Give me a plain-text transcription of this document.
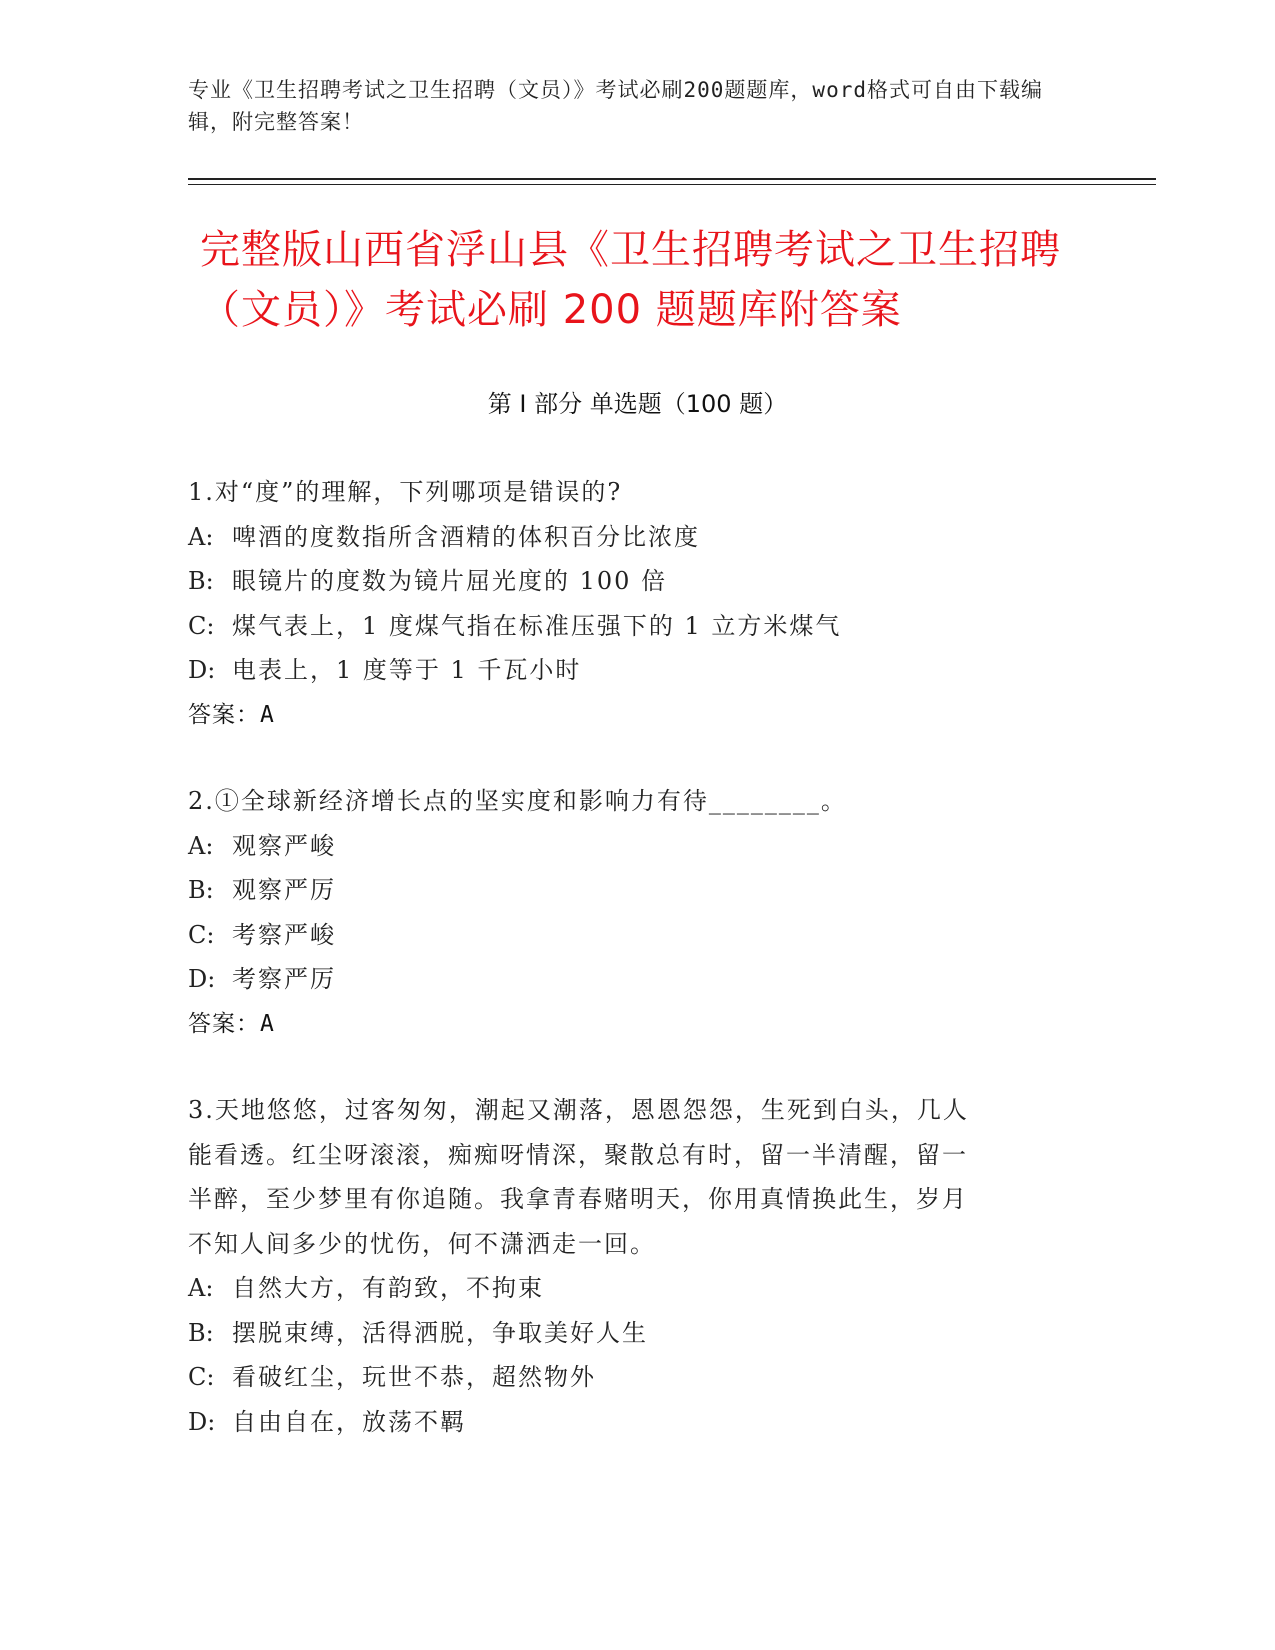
专业《卫生招聘考试之卫生招聘（文员）》考试必刷200题题库，word格式可自由下载编辑，附完整答案！
完整版山西省浮山县《卫生招聘考试之卫生招聘（文员）》考试必刷 200 题题库附答案
第 I 部分 单选题（100 题）
1.对“度”的理解，下列哪项是错误的?
A: 啤酒的度数指所含酒精的体积百分比浓度
B: 眼镜片的度数为镜片屈光度的 100 倍
C: 煤气表上，1 度煤气指在标准压强下的 1 立方米煤气
D: 电表上，1 度等于 1 千瓦小时
答案：A
2.①全球新经济增长点的坚实度和影响力有待________。
A: 观察严峻
B: 观察严厉
C: 考察严峻
D: 考察严厉
答案：A
3.天地悠悠，过客匆匆，潮起又潮落，恩恩怨怨，生死到白头，几人
能看透。红尘呀滚滚，痴痴呀情深，聚散总有时，留一半清醒，留一
半醉，至少梦里有你追随。我拿青春赌明天，你用真情换此生，岁月
不知人间多少的忧伤，何不潇洒走一回。
A: 自然大方，有韵致，不拘束
B: 摆脱束缚，活得洒脱，争取美好人生
C: 看破红尘，玩世不恭，超然物外
D: 自由自在，放荡不羁
